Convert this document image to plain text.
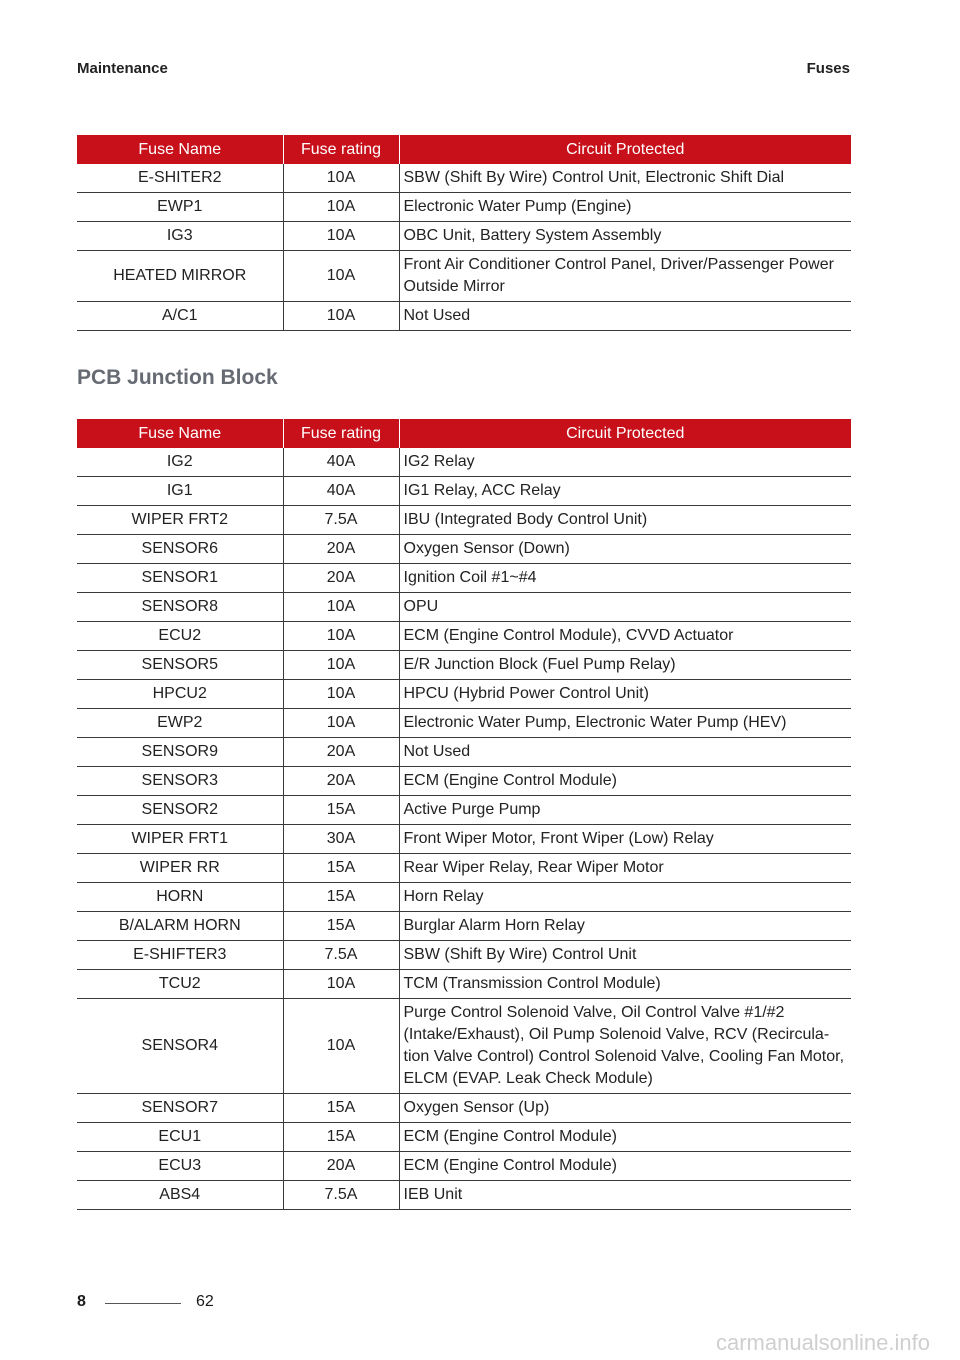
Maintenance	Fuses
Fuse Name	Fuse rating	Circuit Protected
E-SHITER2	10A	SBW (Shift By Wire) Control Unit, Electronic Shift Dial
EWP1	10A	Electronic Water Pump (Engine)
IG3	10A	OBC Unit, Battery System Assembly
HEATED MIRROR	10A	Front Air Conditioner Control Panel, Driver/Passenger Power Outside Mirror
A/C1	10A	Not Used
PCB Junction Block
Fuse Name	Fuse rating	Circuit Protected
IG2	40A	IG2 Relay
IG1	40A	IG1 Relay, ACC Relay
WIPER FRT2	7.5A	IBU (Integrated Body Control Unit)
SENSOR6	20A	Oxygen Sensor (Down)
SENSOR1	20A	Ignition Coil #1~#4
SENSOR8	10A	OPU
ECU2	10A	ECM (Engine Control Module), CVVD Actuator
SENSOR5	10A	E/R Junction Block (Fuel Pump Relay)
HPCU2	10A	HPCU (Hybrid Power Control Unit)
EWP2	10A	Electronic Water Pump, Electronic Water Pump (HEV)
SENSOR9	20A	Not Used
SENSOR3	20A	ECM (Engine Control Module)
SENSOR2	15A	Active Purge Pump
WIPER FRT1	30A	Front Wiper Motor, Front Wiper (Low) Relay
WIPER RR	15A	Rear Wiper Relay, Rear Wiper Motor
HORN	15A	Horn Relay
B/ALARM HORN	15A	Burglar Alarm Horn Relay
E-SHIFTER3	7.5A	SBW (Shift By Wire) Control Unit
TCU2	10A	TCM (Transmission Control Module)
SENSOR4	10A	Purge Control Solenoid Valve, Oil Control Valve #1/#2 (Intake/Exhaust), Oil Pump Solenoid Valve, RCV (Recircula-tion Valve Control) Control Solenoid Valve, Cooling Fan Motor, ELCM (EVAP. Leak Check Module)
SENSOR7	15A	Oxygen Sensor (Up)
ECU1	15A	ECM (Engine Control Module)
ECU3	20A	ECM (Engine Control Module)
ABS4	7.5A	IEB Unit
8	62
carmanualsonline.info
